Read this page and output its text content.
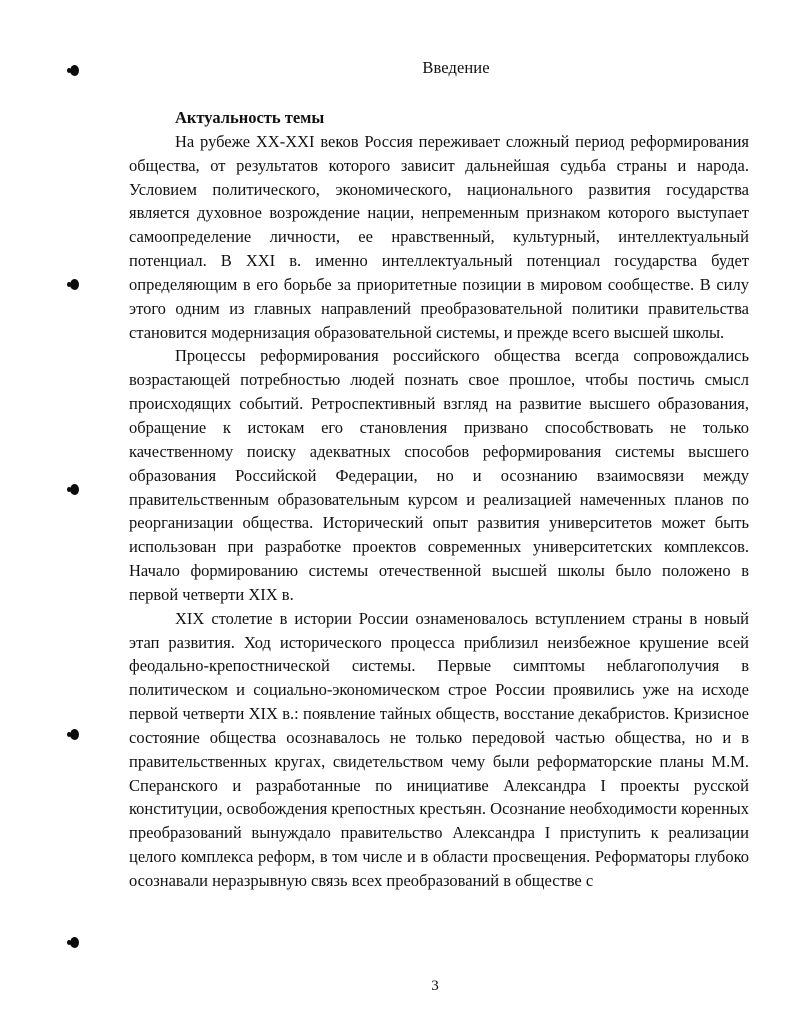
Введение

Актуальность темы

На рубеже XX-XXI веков Россия переживает сложный период реформирования общества, от результатов которого зависит дальнейшая судьба страны и народа. Условием политического, экономического, национального развития государства является духовное возрождение нации, непременным признаком которого выступает самоопределение личности, ее нравственный, культурный, интеллектуальный потенциал. В XXI в. именно интеллектуальный потенциал государства будет определяющим в его борьбе за приоритетные позиции в мировом сообществе. В силу этого одним из главных направлений преобразовательной политики правительства становится модернизация образовательной системы, и прежде всего высшей школы.

Процессы реформирования российского общества всегда сопровождались возрастающей потребностью людей познать свое прошлое, чтобы постичь смысл происходящих событий. Ретроспективный взгляд на развитие высшего образования, обращение к истокам его становления призвано способствовать не только качественному поиску адекватных способов реформирования системы высшего образования Российской Федерации, но и осознанию взаимосвязи между правительственным образовательным курсом и реализацией намеченных планов по реорганизации общества. Исторический опыт развития университетов может быть использован при разработке проектов современных университетских комплексов. Начало формированию системы отечественной высшей школы было положено в первой четверти XIX в.

XIX столетие в истории России ознаменовалось вступлением страны в новый этап развития. Ход исторического процесса приблизил неизбежное крушение всей феодально-крепостнической системы. Первые симптомы неблагополучия в политическом и социально-экономическом строе России проявились уже на исходе первой четверти XIX в.: появление тайных обществ, восстание декабристов. Кризисное состояние общества осознавалось не только передовой частью общества, но и в правительственных кругах, свидетельством чему были реформаторские планы М.М. Сперанского и разработанные по инициативе Александра I проекты русской конституции, освобождения крепостных крестьян. Осознание необходимости коренных преобразований вынуждало правительство Александра I приступить к реализации целого комплекса реформ, в том числе и в области просвещения. Реформаторы глубоко осознавали неразрывную связь всех преобразований в обществе с

3
